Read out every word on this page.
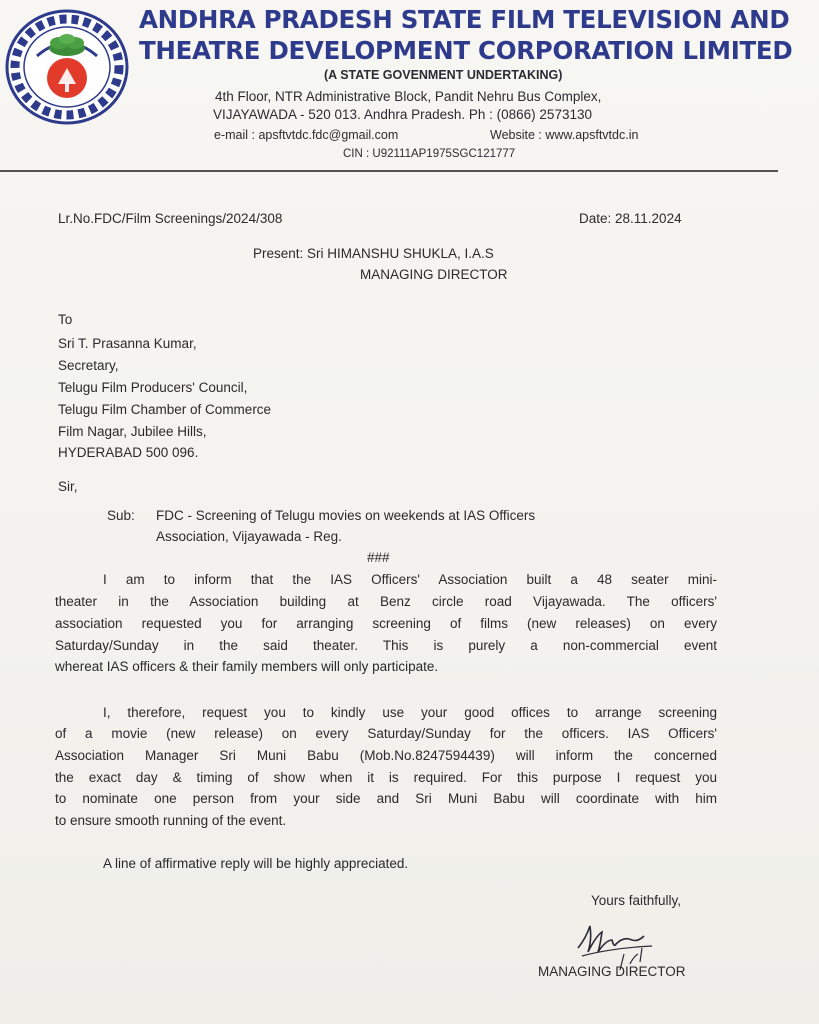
ANDHRA PRADESH STATE FILM TELEVISION AND
THEATRE DEVELOPMENT CORPORATION LIMITED
(A STATE GOVENMENT UNDERTAKING)
4th Floor, NTR Administrative Block, Pandit Nehru Bus Complex,
VIJAYAWADA - 520 013. Andhra Pradesh. Ph : (0866) 2573130
e-mail : apsftvtdc.fdc@gmail.com	Website : www.apsftvtdc.in
CIN : U92111AP1975SGC121777
Lr.No.FDC/Film Screenings/2024/308	Date: 28.11.2024
Present: Sri HIMANSHU SHUKLA, I.A.S
MANAGING DIRECTOR
To
Sri T. Prasanna Kumar,
Secretary,
Telugu Film Producers' Council,
Telugu Film Chamber of Commerce
Film Nagar, Jubilee Hills,
HYDERABAD 500 096.
Sir,
Sub: FDC - Screening of Telugu movies on weekends at IAS Officers
Association, Vijayawada - Reg.
###
I am to inform that the IAS Officers' Association built a 48 seater mini-
theater in the Association building at Benz circle road Vijayawada. The officers'
association requested you for arranging screening of films (new releases) on every
Saturday/Sunday in the said theater. This is purely a non-commercial event
whereat IAS officers & their family members will only participate.
I, therefore, request you to kindly use your good offices to arrange screening
of a movie (new release) on every Saturday/Sunday for the officers. IAS Officers'
Association Manager Sri Muni Babu (Mob.No.8247594439) will inform the concerned
the exact day & timing of show when it is required. For this purpose I request you
to nominate one person from your side and Sri Muni Babu will coordinate with him
to ensure smooth running of the event.
A line of affirmative reply will be highly appreciated.
Yours faithfully,
MANAGING DIRECTOR
